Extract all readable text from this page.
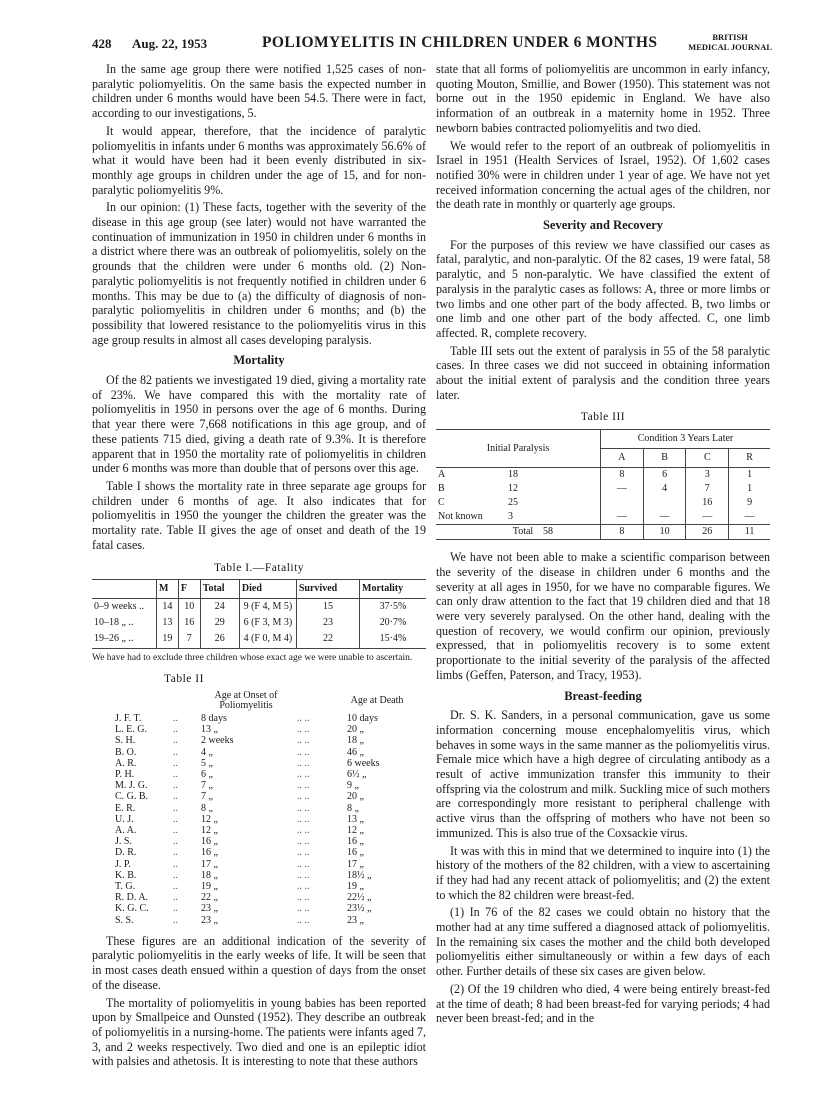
428 Aug. 22, 1953	POLIOMYELITIS IN CHILDREN UNDER 6 MONTHS	BRITISH
MEDICAL JOURNAL

In the same age group there were notified 1,525 cases of non-paralytic poliomyelitis. On the same basis the expected number in children under 6 months would have been 54.5. There were in fact, according to our investigations, 5.

It would appear, therefore, that the incidence of paralytic poliomyelitis in infants under 6 months was approximately 56.6% of what it would have been had it been evenly distributed in six-monthly age groups in children under the age of 15, and for non-paralytic poliomyelitis 9%.

In our opinion: (1) These facts, together with the severity of the disease in this age group (see later) would not have warranted the continuation of immunization in 1950 in children under 6 months in a district where there was an outbreak of poliomyelitis, solely on the grounds that the children were under 6 months old. (2) Non-paralytic poliomyelitis is not frequently notified in children under 6 months. This may be due to (a) the difficulty of diagnosis of non-paralytic poliomyelitis in children under 6 months; and (b) the possibility that lowered resistance to the poliomyelitis virus in this age group results in almost all cases developing paralysis.

Mortality

Of the 82 patients we investigated 19 died, giving a mortality rate of 23%. We have compared this with the mortality rate of poliomyelitis in 1950 in persons over the age of 6 months. During that year there were 7,668 notifications in this age group, and of these patients 715 died, giving a death rate of 9.3%. It is therefore apparent that in 1950 the mortality rate of poliomyelitis in children under 6 months was more than double that of persons over this age.

Table I shows the mortality rate in three separate age groups for children under 6 months of age. It also indicates that for poliomyelitis in 1950 the younger the children the greater was the mortality rate. Table II gives the age of onset and death of the 19 fatal cases.

Table I.—Fatality
	M	F	Total	Died	Survived	Mortality
0–9 weeks ..	14	10	24	9 (F 4, M 5)	15	37·5%
10–18 „ ..	13	16	29	6 (F 3, M 3)	23	20·7%
19–26 „ ..	19	7	26	4 (F 0, M 4)	22	15·4%

We have had to exclude three children whose exact age we were unable to ascertain.

Table II
		Age at Onset of Poliomyelitis		Age at Death
J. F. T.	..	8 days	.. ..	10 days
L. E. G.	..	13 „	.. ..	20 „
S. H.	..	2 weeks	.. ..	18 „
B. O.	..	4 „	.. ..	46 „
A. R.	..	5 „	.. ..	6 weeks
P. H.	..	6 „	.. ..	6½ „
M. J. G.	..	7 „	.. ..	9 „
C. G. B.	..	7 „	.. ..	20 „
E. R.	..	8 „	.. ..	8 „
U. J.	..	12 „	.. ..	13 „
A. A.	..	12 „	.. ..	12 „
J. S.	..	16 „	.. ..	16 „
D. R.	..	16 „	.. ..	16 „
J. P.	..	17 „	.. ..	17 „
K. B.	..	18 „	.. ..	18½ „
T. G.	..	19 „	.. ..	19 „
R. D. A.	..	22 „	.. ..	22½ „
K. G. C.	..	23 „	.. ..	23½ „
S. S.	..	23 „	.. ..	23 „

These figures are an additional indication of the severity of paralytic poliomyelitis in the early weeks of life. It will be seen that in most cases death ensued within a question of days from the onset of the disease.

The mortality of poliomyelitis in young babies has been reported upon by Smallpeice and Ounsted (1952). They describe an outbreak of poliomyelitis in a nursing-home. The patients were infants aged 7, 3, and 2 weeks respectively. Two died and one is an epileptic idiot with palsies and athetosis. It is interesting to note that these authors

state that all forms of poliomyelitis are uncommon in early infancy, quoting Mouton, Smillie, and Bower (1950). This statement was not borne out in the 1950 epidemic in England. We have also information of an outbreak in a maternity home in 1952. Three newborn babies contracted poliomyelitis and two died.

We would refer to the report of an outbreak of poliomyelitis in Israel in 1951 (Health Services of Israel, 1952). Of 1,602 cases notified 30% were in children under 1 year of age. We have not yet received information concerning the actual ages of the children, nor the death rate in monthly or quarterly age groups.

Severity and Recovery

For the purposes of this review we have classified our cases as fatal, paralytic, and non-paralytic. Of the 82 cases, 19 were fatal, 58 paralytic, and 5 non-paralytic. We have classified the extent of paralysis in the paralytic cases as follows: A, three or more limbs or two limbs and one other part of the body affected. B, two limbs or one limb and one other part of the body affected. C, one limb affected. R, complete recovery.

Table III sets out the extent of paralysis in 55 of the 58 paralytic cases. In three cases we did not succeed in obtaining information about the initial extent of paralysis and the condition three years later.

Table III
Initial Paralysis	Condition 3 Years Later			
	A	B	C	R
A 18	8	6	3	1
B 12	—	4	7	1
C 25			16	9
Not known 3	—	—	—	—
Total 58	8	10	26	11

We have not been able to make a scientific comparison between the severity of the disease in children under 6 months and the severity at all ages in 1950, for we have no comparable figures. We can only draw attention to the fact that 19 children died and that 18 were very severely paralysed. On the other hand, dealing with the question of recovery, we would confirm our opinion, previously expressed, that in poliomyelitis recovery is to some extent proportionate to the initial severity of the paralysis of the affected limbs (Geffen, Paterson, and Tracy, 1953).

Breast-feeding

Dr. S. K. Sanders, in a personal communication, gave us some information concerning mouse encephalomyelitis virus, which behaves in some ways in the same manner as the poliomyelitis virus. Female mice which have a high degree of circulating antibody as a result of active immunization transfer this immunity to their offspring via the colostrum and milk. Suckling mice of such mothers are correspondingly more resistant to peripheral challenge with active virus than the offspring of mothers who have not been so immunized. This is also true of the Coxsackie virus.

It was with this in mind that we determined to inquire into (1) the history of the mothers of the 82 children, with a view to ascertaining if they had had any recent attack of poliomyelitis; and (2) the extent to which the 82 children were breast-fed.

(1) In 76 of the 82 cases we could obtain no history that the mother had at any time suffered a diagnosed attack of poliomyelitis. In the remaining six cases the mother and the child both developed poliomyelitis either simultaneously or within a few days of each other. Further details of these six cases are given below.

(2) Of the 19 children who died, 4 were being entirely breast-fed at the time of death; 8 had been breast-fed for varying periods; 4 had never been breast-fed; and in the
